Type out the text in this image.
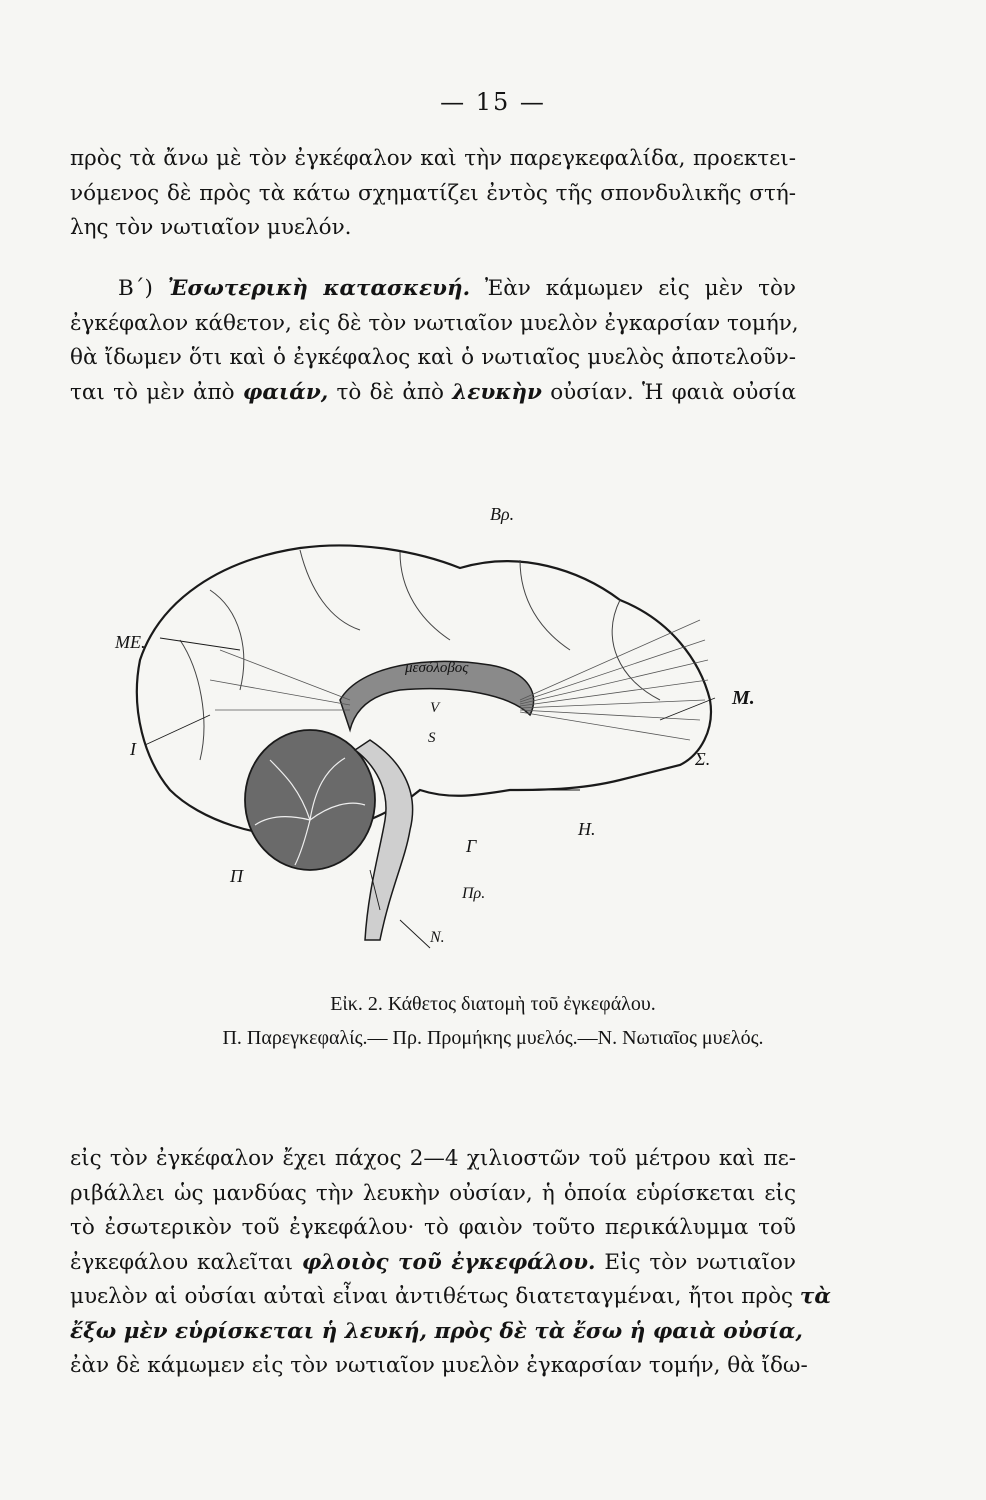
— 15 —
πρὸς τὰ ἄνω μὲ τὸν ἐγκέφαλον καὶ τὴν παρεγκεφαλίδα, προεκτει-
νόμενος δὲ πρὸς τὰ κάτω σχηματίζει ἐντὸς τῆς σπονδυλικῆς στή-
λης τὸν νωτιαῖον μυελόν.
Β΄) Ἐσωτερικὴ κατασκευή. Ἐὰν κάμωμεν εἰς μὲν τὸν
ἐγκέφαλον κάθετον, εἰς δὲ τὸν νωτιαῖον μυελὸν ἐγκαρσίαν τομήν,
θὰ ἴδωμεν ὅτι καὶ ὁ ἐγκέφαλος καὶ ὁ νωτιαῖος μυελὸς ἀποτελοῦν-
ται τὸ μὲν ἀπὸ φαιάν, τὸ δὲ ἀπὸ λευκὴν οὐσίαν. Ἡ φαιὰ οὐσία
Βρ.
ΜΕ.
μεσόλοβος
V
S
Μ.
I	Σ.
Η.
Γ
Π
Πρ.
Ν.
Εἰκ. 2. Κάθετος διατομὴ τοῦ ἐγκεφάλου.
Π. Παρεγκεφαλίς.— Πρ. Προμήκης μυελός.—Ν. Νωτιαῖος μυελός.
εἰς τὸν ἐγκέφαλον ἔχει πάχος 2—4 χιλιοστῶν τοῦ μέτρου καὶ πε-
ριβάλλει ὡς μανδύας τὴν λευκὴν οὐσίαν, ἡ ὁποία εὑρίσκεται εἰς
τὸ ἐσωτερικὸν τοῦ ἐγκεφάλου· τὸ φαιὸν τοῦτο περικάλυμμα τοῦ
ἐγκεφάλου καλεῖται φλοιὸς τοῦ ἐγκεφάλου. Εἰς τὸν νωτιαῖον
μυελὸν αἱ οὐσίαι αὐταὶ εἶναι ἀντιθέτως διατεταγμέναι, ἤτοι πρὸς τὰ
ἔξω μὲν εὑρίσκεται ἡ λευκή, πρὸς δὲ τὰ ἔσω ἡ φαιὰ οὐσία,
ἐὰν δὲ κάμωμεν εἰς τὸν νωτιαῖον μυελὸν ἐγκαρσίαν τομήν, θὰ ἴδω-
